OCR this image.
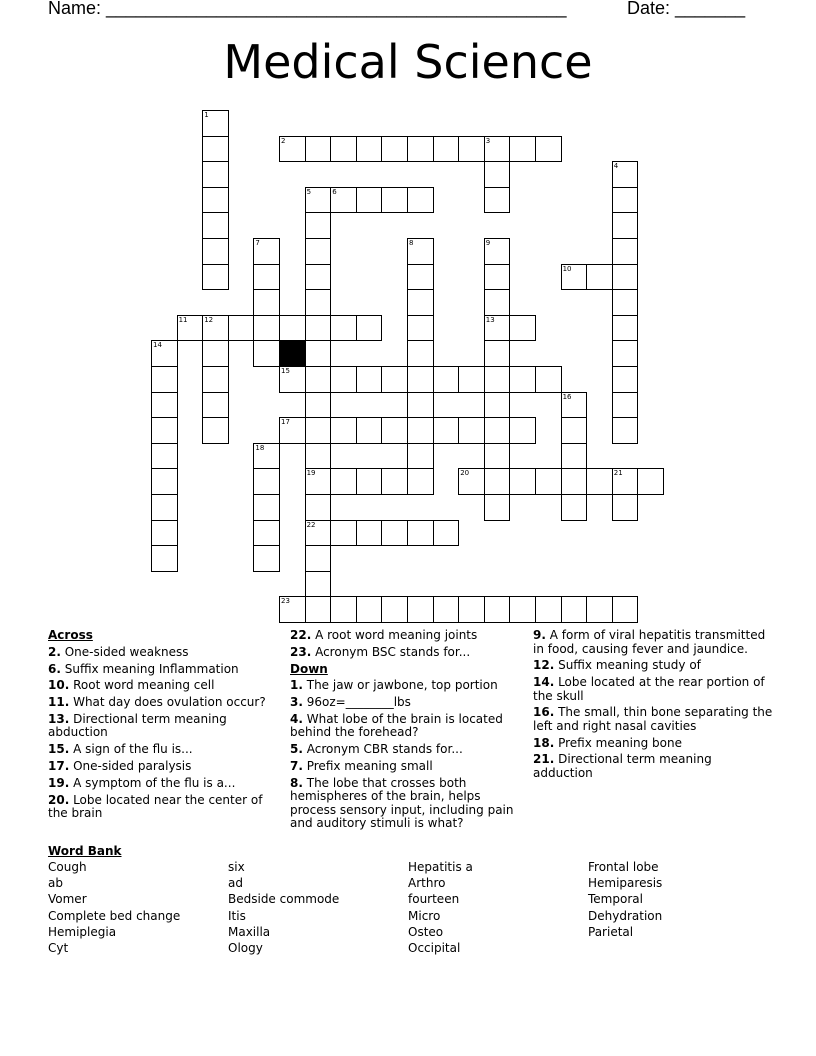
Name: ______________________________________________	Date: _______
Medical Science
1
2	3
4
5	6
7	8	9
10
11 12	13
14
15
16
17
18
19	20	21
22
23
Across
2. One-sided weakness
6. Suffix meaning Inflammation
10. Root word meaning cell
11. What day does ovulation occur?
13. Directional term meaning abduction
15. A sign of the flu is...
17. One-sided paralysis
19. A symptom of the flu is a...
20. Lobe located near the center of the brain
22. A root word meaning joints
23. Acronym BSC stands for...
Down
1. The jaw or jawbone, top portion
3. 96oz=________lbs
4. What lobe of the brain is located behind the forehead?
5. Acronym CBR stands for...
7. Prefix meaning small
8. The lobe that crosses both hemispheres of the brain, helps process sensory input, including pain and auditory stimuli is what?
9. A form of viral hepatitis transmitted in food, causing fever and jaundice.
12. Suffix meaning study of
14. Lobe located at the rear portion of the skull
16. The small, thin bone separating the left and right nasal cavities
18. Prefix meaning bone
21. Directional term meaning adduction
Word Bank
Cough
ab
Vomer
Complete bed change
Hemiplegia
Cyt
six
ad
Bedside commode
Itis
Maxilla
Ology
Hepatitis a
Arthro
fourteen
Micro
Osteo
Occipital
Frontal lobe
Hemiparesis
Temporal
Dehydration
Parietal
